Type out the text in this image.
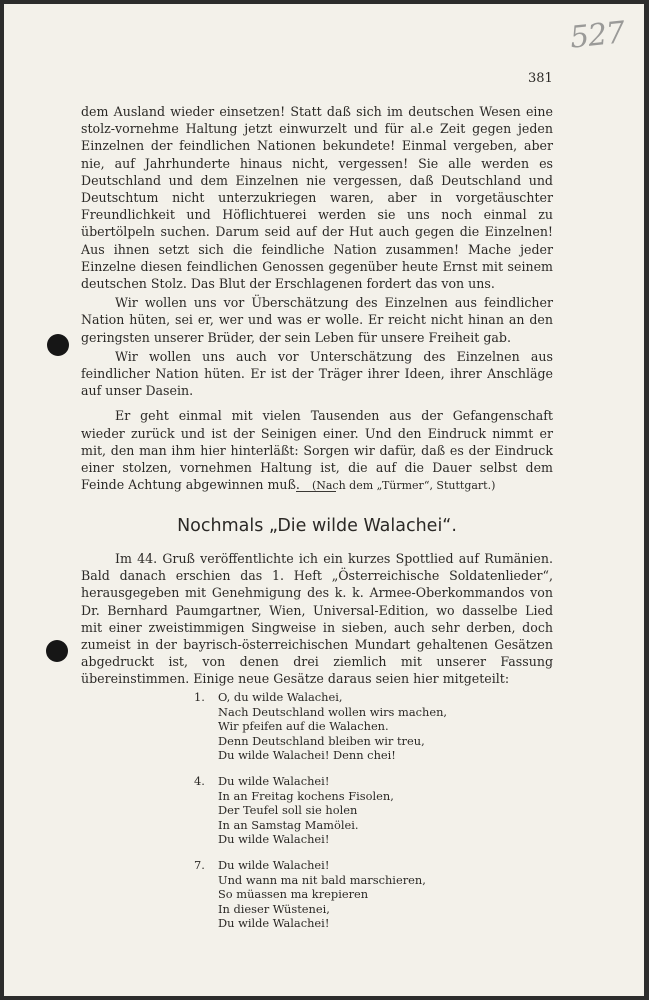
527
381

dem Ausland wieder einsetzen! Statt daß sich im deutschen Wesen eine stolz-vornehme Haltung jetzt einwurzelt und für al.e Zeit gegen jeden Einzelnen der feindlichen Nationen bekundete! Einmal vergeben, aber nie, auf Jahrhunderte hinaus nicht, vergessen! Sie alle werden es Deutschland und dem Einzelnen nie vergessen, daß Deutschland und Deutschtum nicht unterzukriegen waren, aber in vorgetäuschter Freundlichkeit und Höflichtuerei werden sie uns noch einmal zu übertölpeln suchen. Darum seid auf der Hut auch gegen die Einzelnen! Aus ihnen setzt sich die feindliche Nation zusammen! Mache jeder Einzelne diesen feindlichen Genossen gegenüber heute Ernst mit seinem deutschen Stolz. Das Blut der Erschlagenen fordert das von uns.

Wir wollen uns vor Überschätzung des Einzelnen aus feindlicher Nation hüten, sei er, wer und was er wolle. Er reicht nicht hinan an den geringsten unserer Brüder, der sein Leben für unsere Freiheit gab.

Wir wollen uns auch vor Unterschätzung des Einzelnen aus feindlicher Nation hüten. Er ist der Träger ihrer Ideen, ihrer Anschläge auf unser Dasein.

Er geht einmal mit vielen Tausenden aus der Gefangenschaft wieder zurück und ist der Seinigen einer. Und den Eindruck nimmt er mit, den man ihm hier hinterläßt: Sorgen wir dafür, daß es der Eindruck einer stolzen, vornehmen Haltung ist, die auf die Dauer selbst dem Feinde Achtung abgewinnen muß. (Nach dem „Türmer“, Stuttgart.)

Nochmals „Die wilde Walachei“.

Im 44. Gruß veröffentlichte ich ein kurzes Spottlied auf Rumänien. Bald danach erschien das 1. Heft „Österreichische Soldatenlieder“, herausgegeben mit Genehmigung des k. k. Armee-Oberkommandos von Dr. Bernhard Paumgartner, Wien, Universal-Edition, wo dasselbe Lied mit einer zweistimmigen Singweise in sieben, auch sehr derben, doch zumeist in der bayrisch-österreichischen Mundart gehaltenen Gesätzen abgedruckt ist, von denen drei ziemlich mit unserer Fassung übereinstimmen. Einige neue Gesätze daraus seien hier mitgeteilt:

1.	O, du wilde Walachei,
Nach Deutschland wollen wirs machen,
Wir pfeifen auf die Walachen.
Denn Deutschland bleiben wir treu,
Du wilde Walachei! Denn chei!
4.	Du wilde Walachei!
In an Freitag kochens Fisolen,
Der Teufel soll sie holen
In an Samstag Mamölei.
Du wilde Walachei!
7.	Du wilde Walachei!
Und wann ma nit bald marschieren,
So müassen ma krepieren
In dieser Wüstenei,
Du wilde Walachei!
